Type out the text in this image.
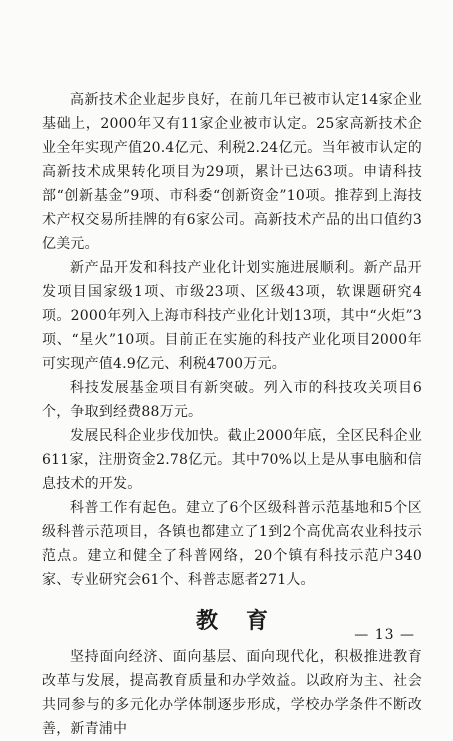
高新技术企业起步良好，在前几年已被市认定14家企业基础上，2000年又有11家企业被市认定。25家高新技术企业全年实现产值20.4亿元、利税2.24亿元。当年被市认定的高新技术成果转化项目为29项，累计已达63项。申请科技部“创新基金”9项、市科委“创新资金”10项。推荐到上海技术产权交易所挂牌的有6家公司。高新技术产品的出口值约3亿美元。

新产品开发和科技产业化计划实施进展顺利。新产品开发项目国家级1项、市级23项、区级43项，软课题研究4项。2000年列入上海市科技产业化计划13项，其中“火炬”3项、“星火”10项。目前正在实施的科技产业化项目2000年可实现产值4.9亿元、利税4700万元。

科技发展基金项目有新突破。列入市的科技攻关项目6个，争取到经费88万元。

发展民科企业步伐加快。截止2000年底，全区民科企业611家，注册资金2.78亿元。其中70%以上是从事电脑和信息技术的开发。

科普工作有起色。建立了6个区级科普示范基地和5个区级科普示范项目，各镇也都建立了1到2个高优高农业科技示范点。建立和健全了科普网络，20个镇有科技示范户340家、专业研究会61个、科普志愿者271人。

教育

坚持面向经济、面向基层、面向现代化，积极推进教育改革与发展，提高教育质量和办学效益。以政府为主、社会共同参与的多元化办学体制逐步形成，学校办学条件不断改善，新青浦中

— 13 —
